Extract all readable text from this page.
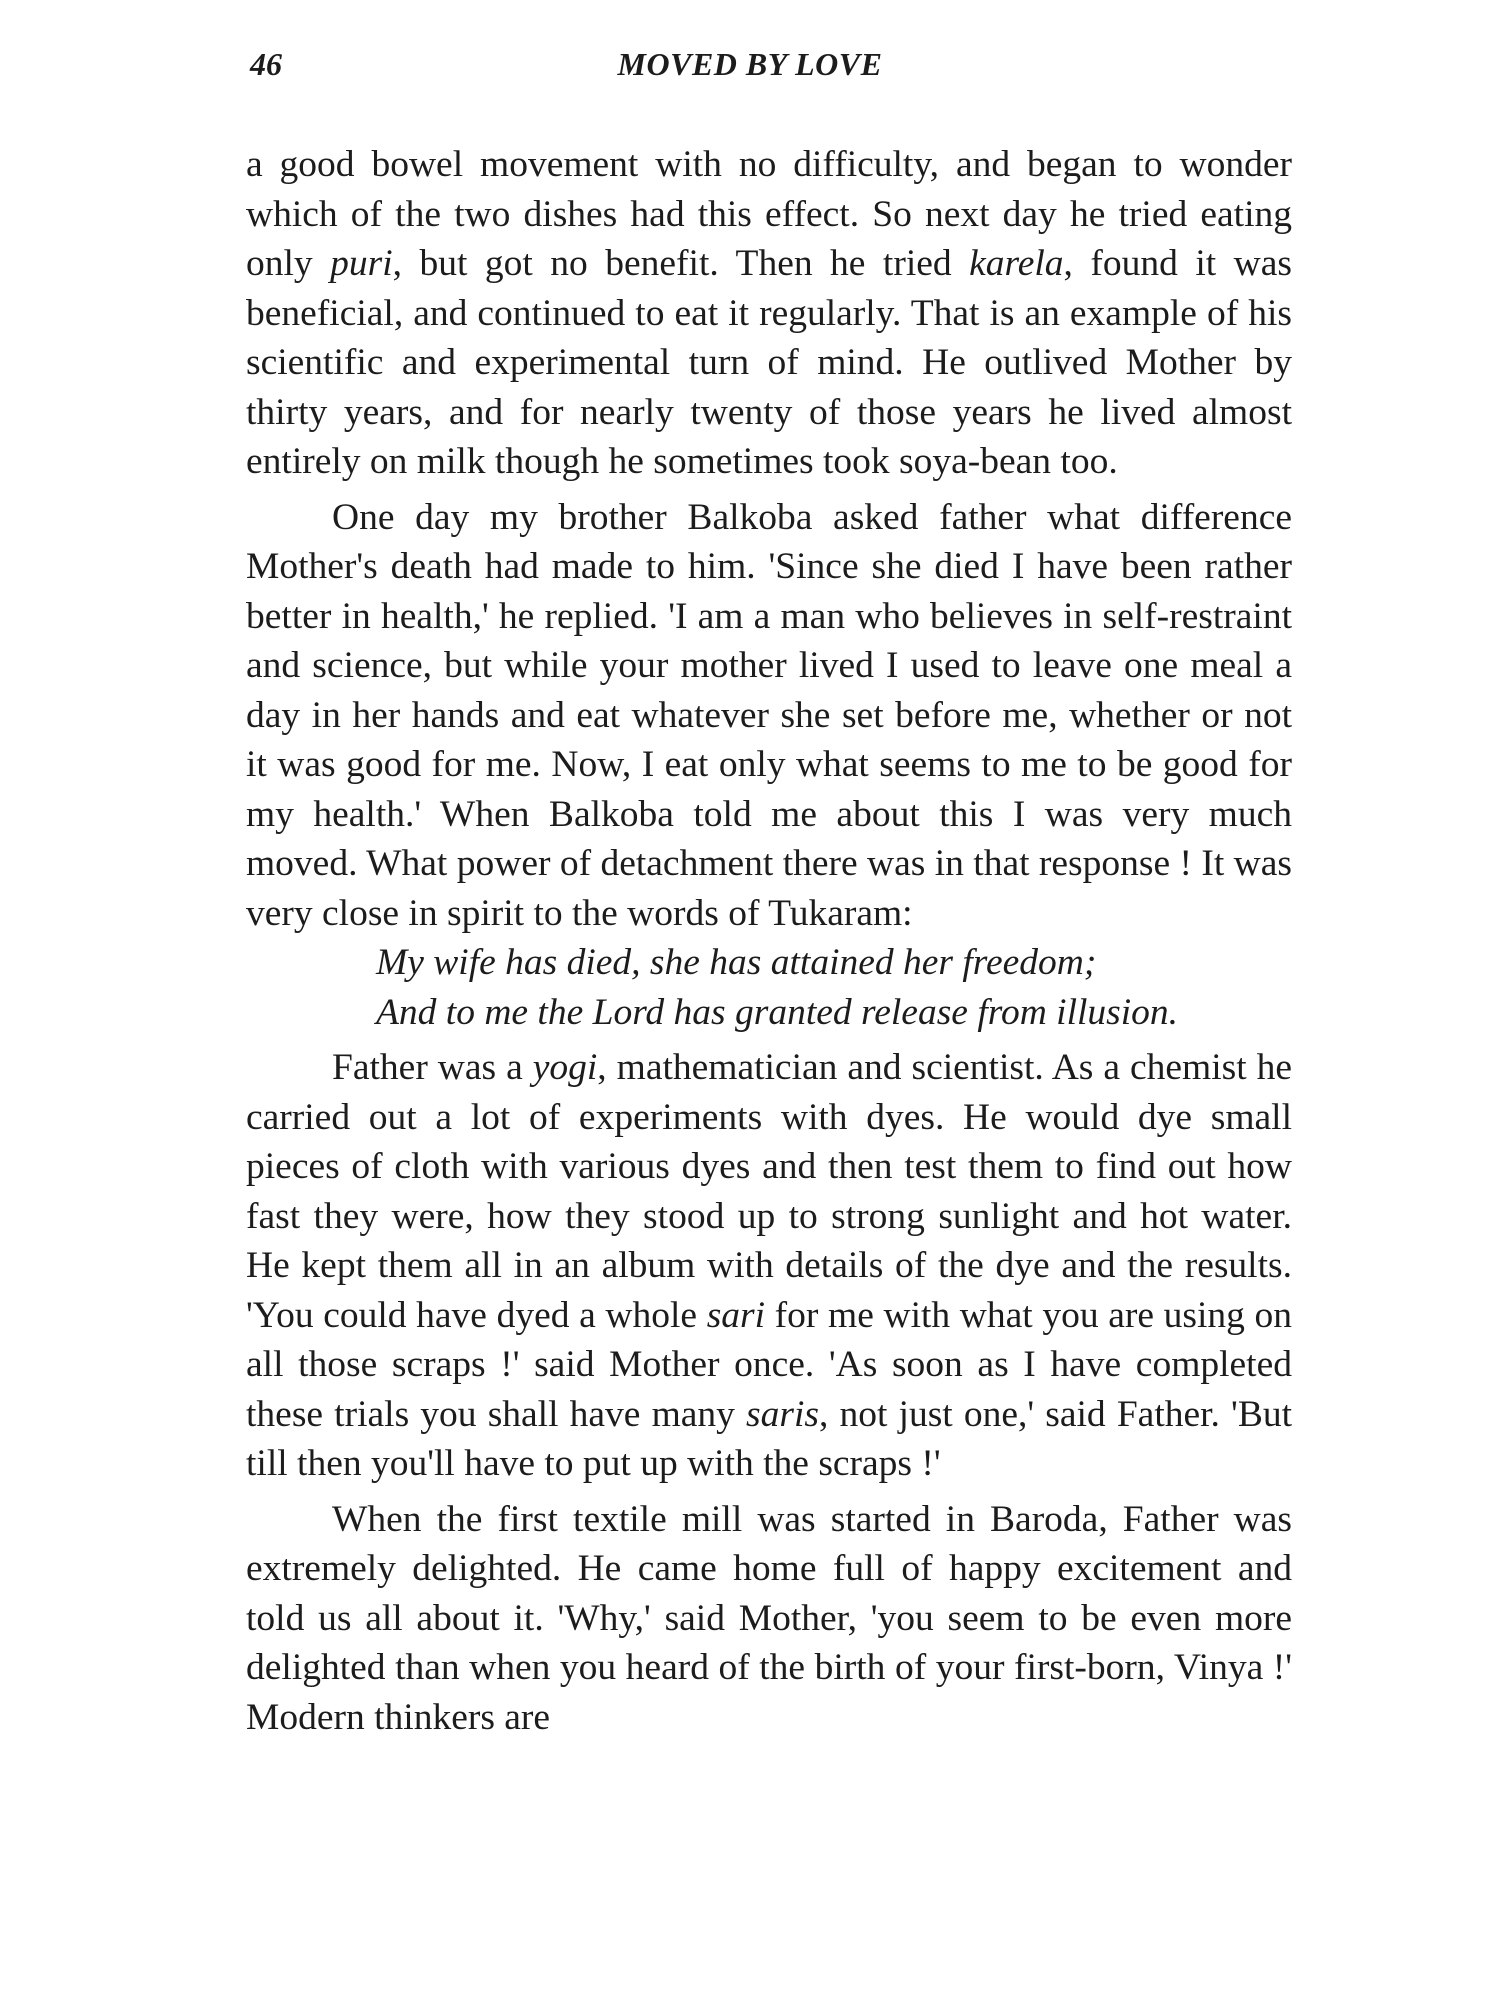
46	MOVED BY LOVE

a good bowel movement with no difficulty, and began to wonder which of the two dishes had this effect. So next day he tried eating only puri, but got no benefit. Then he tried karela, found it was beneficial, and continued to eat it regularly. That is an example of his scientific and experimental turn of mind. He outlived Mother by thirty years, and for nearly twenty of those years he lived almost entirely on milk though he sometimes took soya-bean too.

One day my brother Balkoba asked father what difference Mother's death had made to him. 'Since she died I have been rather better in health,' he replied. 'I am a man who believes in self-restraint and science, but while your mother lived I used to leave one meal a day in her hands and eat whatever she set before me, whether or not it was good for me. Now, I eat only what seems to me to be good for my health.' When Balkoba told me about this I was very much moved. What power of detachment there was in that response ! It was very close in spirit to the words of Tukaram:

My wife has died, she has attained her freedom;
And to me the Lord has granted release from illusion.

Father was a yogi, mathematician and scientist. As a chemist he carried out a lot of experiments with dyes. He would dye small pieces of cloth with various dyes and then test them to find out how fast they were, how they stood up to strong sunlight and hot water. He kept them all in an album with details of the dye and the results. 'You could have dyed a whole sari for me with what you are using on all those scraps !' said Mother once. 'As soon as I have completed these trials you shall have many saris, not just one,' said Father. 'But till then you'll have to put up with the scraps !'

When the first textile mill was started in Baroda, Father was extremely delighted. He came home full of happy excitement and told us all about it. 'Why,' said Mother, 'you seem to be even more delighted than when you heard of the birth of your first-born, Vinya !' Modern thinkers are
